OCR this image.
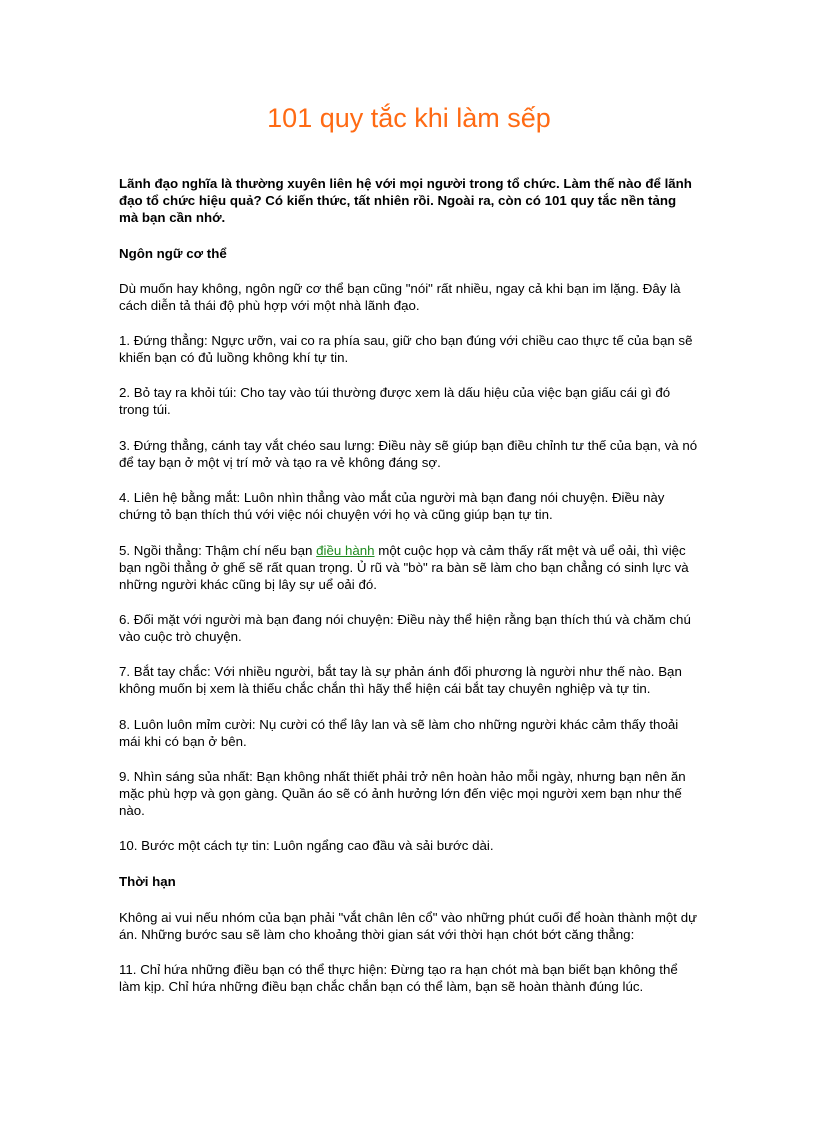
101 quy tắc khi làm sếp

Lãnh đạo nghĩa là thường xuyên liên hệ với mọi người trong tổ chức. Làm thế nào để lãnh đạo tổ chức hiệu quả? Có kiến thức, tất nhiên rồi. Ngoài ra, còn có 101 quy tắc nền tảng mà bạn cần nhớ.

Ngôn ngữ cơ thể

Dù muốn hay không, ngôn ngữ cơ thể bạn cũng "nói" rất nhiều, ngay cả khi bạn im lặng. Đây là cách diễn tả thái độ phù hợp với một nhà lãnh đạo.

1. Đứng thẳng: Ngực ưỡn, vai co ra phía sau, giữ cho bạn đúng với chiều cao thực tế của bạn sẽ khiến bạn có đủ luồng không khí tự tin.

2. Bỏ tay ra khỏi túi: Cho tay vào túi thường được xem là dấu hiệu của việc bạn giấu cái gì đó trong túi.

3. Đứng thẳng, cánh tay vắt chéo sau lưng: Điều này sẽ giúp bạn điều chỉnh tư thế của bạn, và nó để tay bạn ở một vị trí mở và tạo ra vẻ không đáng sợ.

4. Liên hệ bằng mắt: Luôn nhìn thẳng vào mắt của người mà bạn đang nói chuyện. Điều này chứng tỏ bạn thích thú với việc nói chuyện với họ và cũng giúp bạn tự tin.

5. Ngồi thẳng: Thậm chí nếu bạn điều hành một cuộc họp và cảm thấy rất mệt và uể oải, thì việc bạn ngồi thẳng ở ghế sẽ rất quan trọng. Ủ rũ và "bò" ra bàn sẽ làm cho bạn chẳng có sinh lực và những người khác cũng bị lây sự uể oải đó.

6. Đối mặt với người mà bạn đang nói chuyện: Điều này thể hiện rằng bạn thích thú và chăm chú vào cuộc trò chuyện.

7. Bắt tay chắc: Với nhiều người, bắt tay là sự phản ánh đối phương là người như thế nào. Bạn không muốn bị xem là thiếu chắc chắn thì hãy thể hiện cái bắt tay chuyên nghiệp và tự tin.

8. Luôn luôn mỉm cười: Nụ cười có thể lây lan và sẽ làm cho những người khác cảm thấy thoải mái khi có bạn ở bên.

9. Nhìn sáng sủa nhất: Bạn không nhất thiết phải trở nên hoàn hảo mỗi ngày, nhưng bạn nên ăn mặc phù hợp và gọn gàng. Quần áo sẽ có ảnh hưởng lớn đến việc mọi người xem bạn như thế nào.

10. Bước một cách tự tin: Luôn ngẩng cao đầu và sải bước dài.

Thời hạn

Không ai vui nếu nhóm của bạn phải "vắt chân lên cổ" vào những phút cuối để hoàn thành một dự án. Những bước sau sẽ làm cho khoảng thời gian sát với thời hạn chót bớt căng thẳng:

11. Chỉ hứa những điều bạn có thể thực hiện: Đừng tạo ra hạn chót mà bạn biết bạn không thể làm kịp. Chỉ hứa những điều bạn chắc chắn bạn có thể làm, bạn sẽ hoàn thành đúng lúc.
